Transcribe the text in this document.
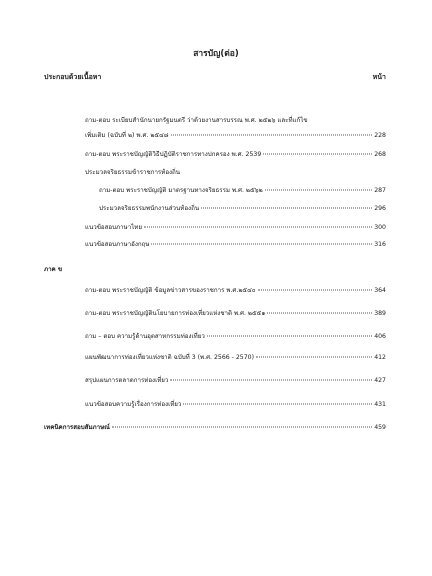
สารบัญ(ต่อ)
ประกอบด้วยเนื้อหา	หน้า
ถาม-ตอบ ระเบียบสำนักนายกรัฐมนตรี ว่าด้วยงานสารบรรณ พ.ศ. ๒๕๒๖ และที่แก้ไข
เพิ่มเติม (ฉบับที่ ๒) พ.ศ. ๒๕๔๘	228
ถาม-ตอบ พระราชบัญญัติวิธีปฏิบัติราชการทางปกครอง พ.ศ. 2539	268
ประมวลจริยธรรมข้าราชการท้องถิ่น
ถาม-ตอบ พระราชบัญญัติ มาตรฐานทางจริยธรรม พ.ศ. ๒๕๖๒	287
ประมวลจริยธรรมพนักงานส่วนท้องถิ่น	296
แนวข้อสอบภาษาไทย	300
แนวข้อสอบภาษาอังกฤษ	316
ภาค ข
ถาม-ตอบ พระราชบัญญัติ ข้อมูลข่าวสารของราชการ พ.ศ.๒๕๔๐	364
ถาม-ตอบ พระราชบัญญัตินโยบายการท่องเที่ยวแห่งชาติ พ.ศ. ๒๕๕๑	389
ถาม – ตอบ ความรู้ด้านอุตสาหกรรมท่องเที่ยว	406
แผนพัฒนาการท่องเที่ยวแห่งชาติ ฉบับที่ 3 (พ.ศ. 2566 - 2570)	412
สรุปแผนการตลาดการท่องเที่ยว	427
แนวข้อสอบความรู้เรื่องการท่องเที่ยว	431
เทคนิคการสอบสัมภาษณ์	459
